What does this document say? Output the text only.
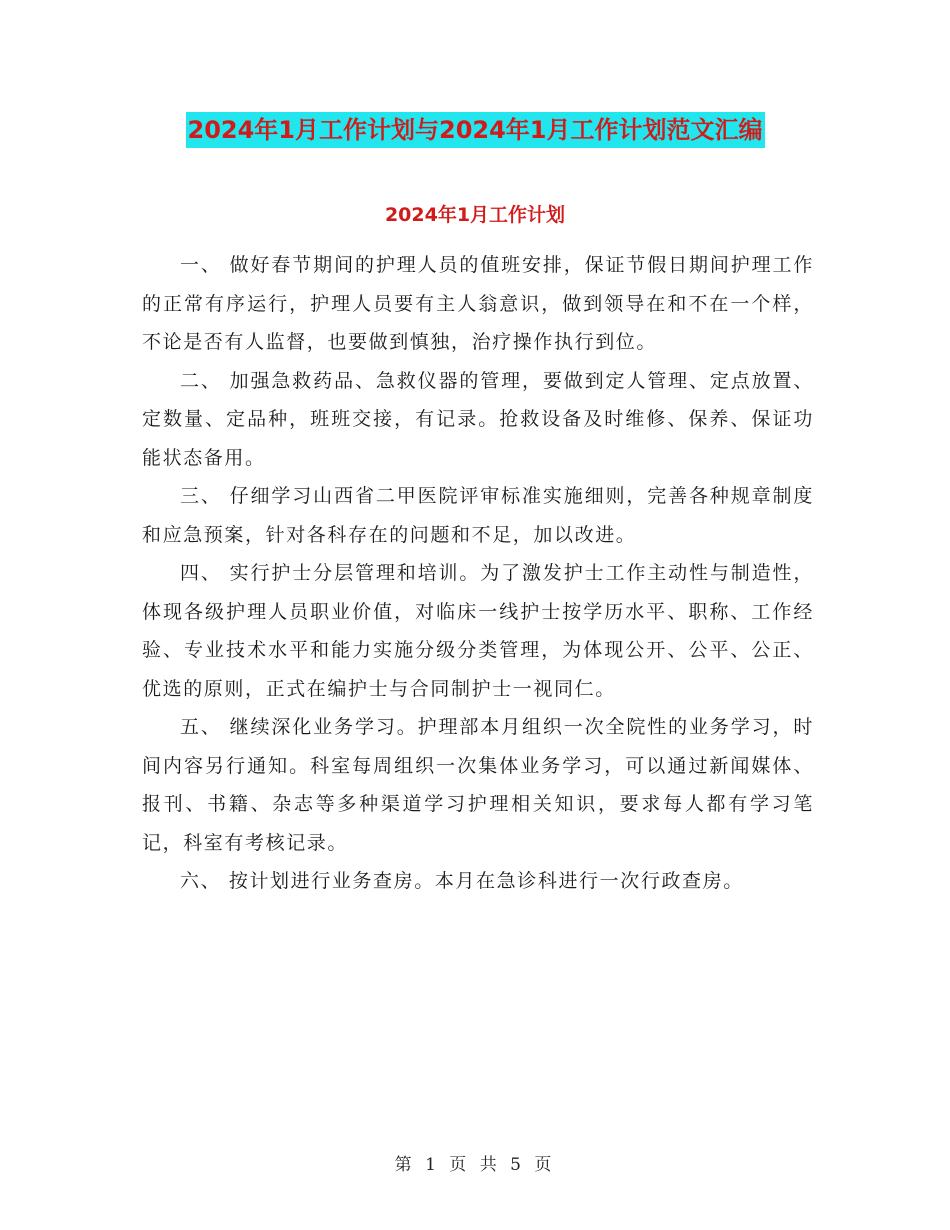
2024年1月工作计划与2024年1月工作计划范文汇编
2024年1月工作计划

一、 做好春节期间的护理人员的值班安排，保证节假日期间护理工作的正常有序运行，护理人员要有主人翁意识，做到领导在和不在一个样，不论是否有人监督，也要做到慎独，治疗操作执行到位。

二、 加强急救药品、急救仪器的管理，要做到定人管理、定点放置、定数量、定品种，班班交接，有记录。抢救设备及时维修、保养、保证功能状态备用。

三、 仔细学习山西省二甲医院评审标准实施细则，完善各种规章制度和应急预案，针对各科存在的问题和不足，加以改进。

四、 实行护士分层管理和培训。为了激发护士工作主动性与制造性，体现各级护理人员职业价值，对临床一线护士按学历水平、职称、工作经验、专业技术水平和能力实施分级分类管理，为体现公开、公平、公正、优选的原则，正式在编护士与合同制护士一视同仁。

五、 继续深化业务学习。护理部本月组织一次全院性的业务学习，时间内容另行通知。科室每周组织一次集体业务学习，可以通过新闻媒体、报刊、书籍、杂志等多种渠道学习护理相关知识，要求每人都有学习笔记，科室有考核记录。

六、 按计划进行业务查房。本月在急诊科进行一次行政查房。

第 1 页 共 5 页
